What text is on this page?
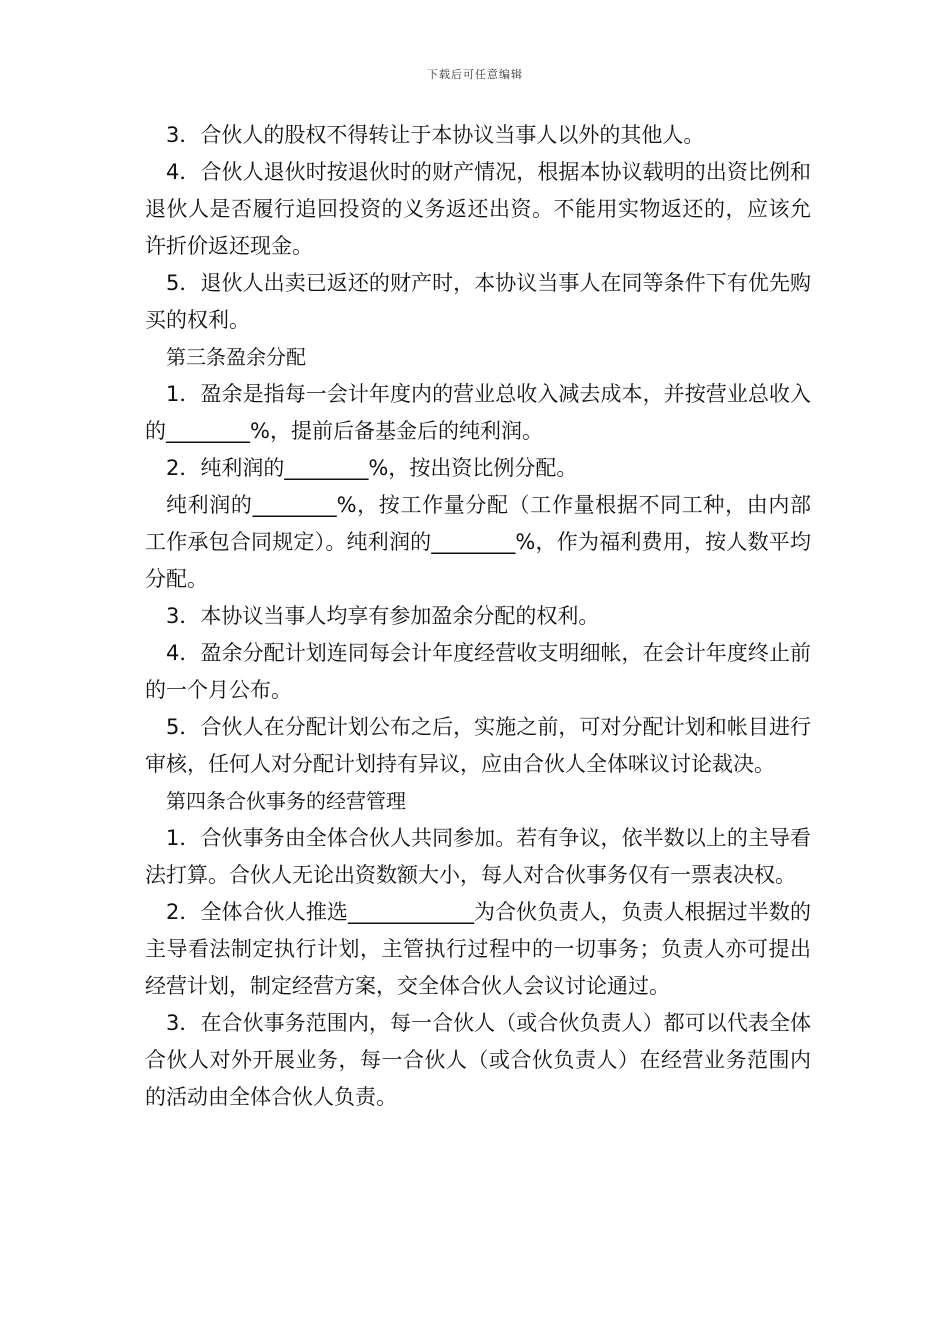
下载后可任意编辑

3．合伙人的股权不得转让于本协议当事人以外的其他人。

4．合伙人退伙时按退伙时的财产情况，根据本协议载明的出资比例和退伙人是否履行追回投资的义务返还出资。不能用实物返还的，应该允许折价返还现金。

5．退伙人出卖已返还的财产时，本协议当事人在同等条件下有优先购买的权利。

第三条盈余分配

1．盈余是指每一会计年度内的营业总收入减去成本，并按营业总收入的________%，提前后备基金后的纯利润。

2．纯利润的________%，按出资比例分配。

纯利润的________%，按工作量分配（工作量根据不同工种，由内部工作承包合同规定）。纯利润的________%，作为福利费用，按人数平均分配。

3．本协议当事人均享有参加盈余分配的权利。

4．盈余分配计划连同每会计年度经营收支明细帐，在会计年度终止前的一个月公布。

5．合伙人在分配计划公布之后，实施之前，可对分配计划和帐目进行审核，任何人对分配计划持有异议，应由合伙人全体咪议讨论裁决。

第四条合伙事务的经营管理

1．合伙事务由全体合伙人共同参加。若有争议，依半数以上的主导看法打算。合伙人无论出资数额大小，每人对合伙事务仅有一票表决权。

2．全体合伙人推选____________为合伙负责人，负责人根据过半数的主导看法制定执行计划，主管执行过程中的一切事务；负责人亦可提出经营计划，制定经营方案，交全体合伙人会议讨论通过。

3．在合伙事务范围内，每一合伙人（或合伙负责人）都可以代表全体合伙人对外开展业务，每一合伙人（或合伙负责人）在经营业务范围内的活动由全体合伙人负责。
